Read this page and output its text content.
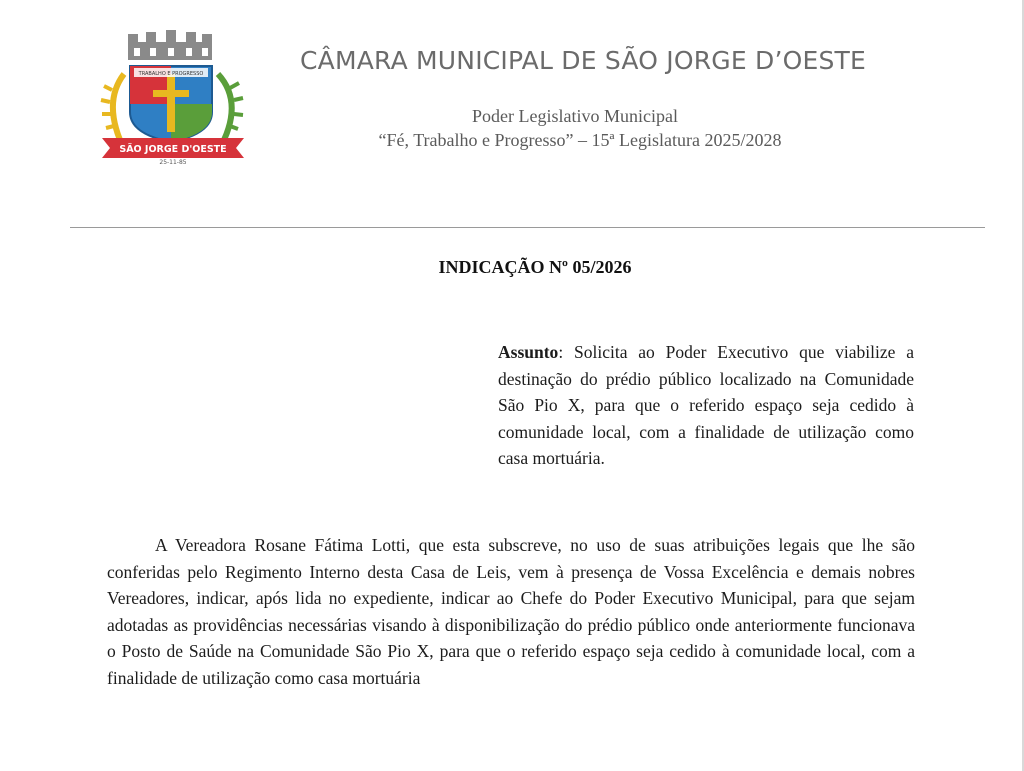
TRABALHO E PROGRESSO
SÃO JORGE D'OESTE
25-11-85
CÂMARA MUNICIPAL DE SÃO JORGE D’OESTE
Poder Legislativo Municipal
“Fé, Trabalho e Progresso” – 15ª Legislatura 2025/2028
INDICAÇÃO Nº 05/2026
Assunto: Solicita ao Poder Executivo que viabilize a destinação do prédio público localizado na Comunidade São Pio X, para que o referido espaço seja cedido à comunidade local, com a finalidade de utilização como casa mortuária.
A Vereadora Rosane Fátima Lotti, que esta subscreve, no uso de suas atribuições legais que lhe são conferidas pelo Regimento Interno desta Casa de Leis, vem à presença de Vossa Excelência e demais nobres Vereadores, indicar, após lida no expediente, indicar ao Chefe do Poder Executivo Municipal, para que sejam adotadas as providências necessárias visando à disponibilização do prédio público onde anteriormente funcionava o Posto de Saúde na Comunidade São Pio X, para que o referido espaço seja cedido à comunidade local, com a finalidade de utilização como casa mortuária
